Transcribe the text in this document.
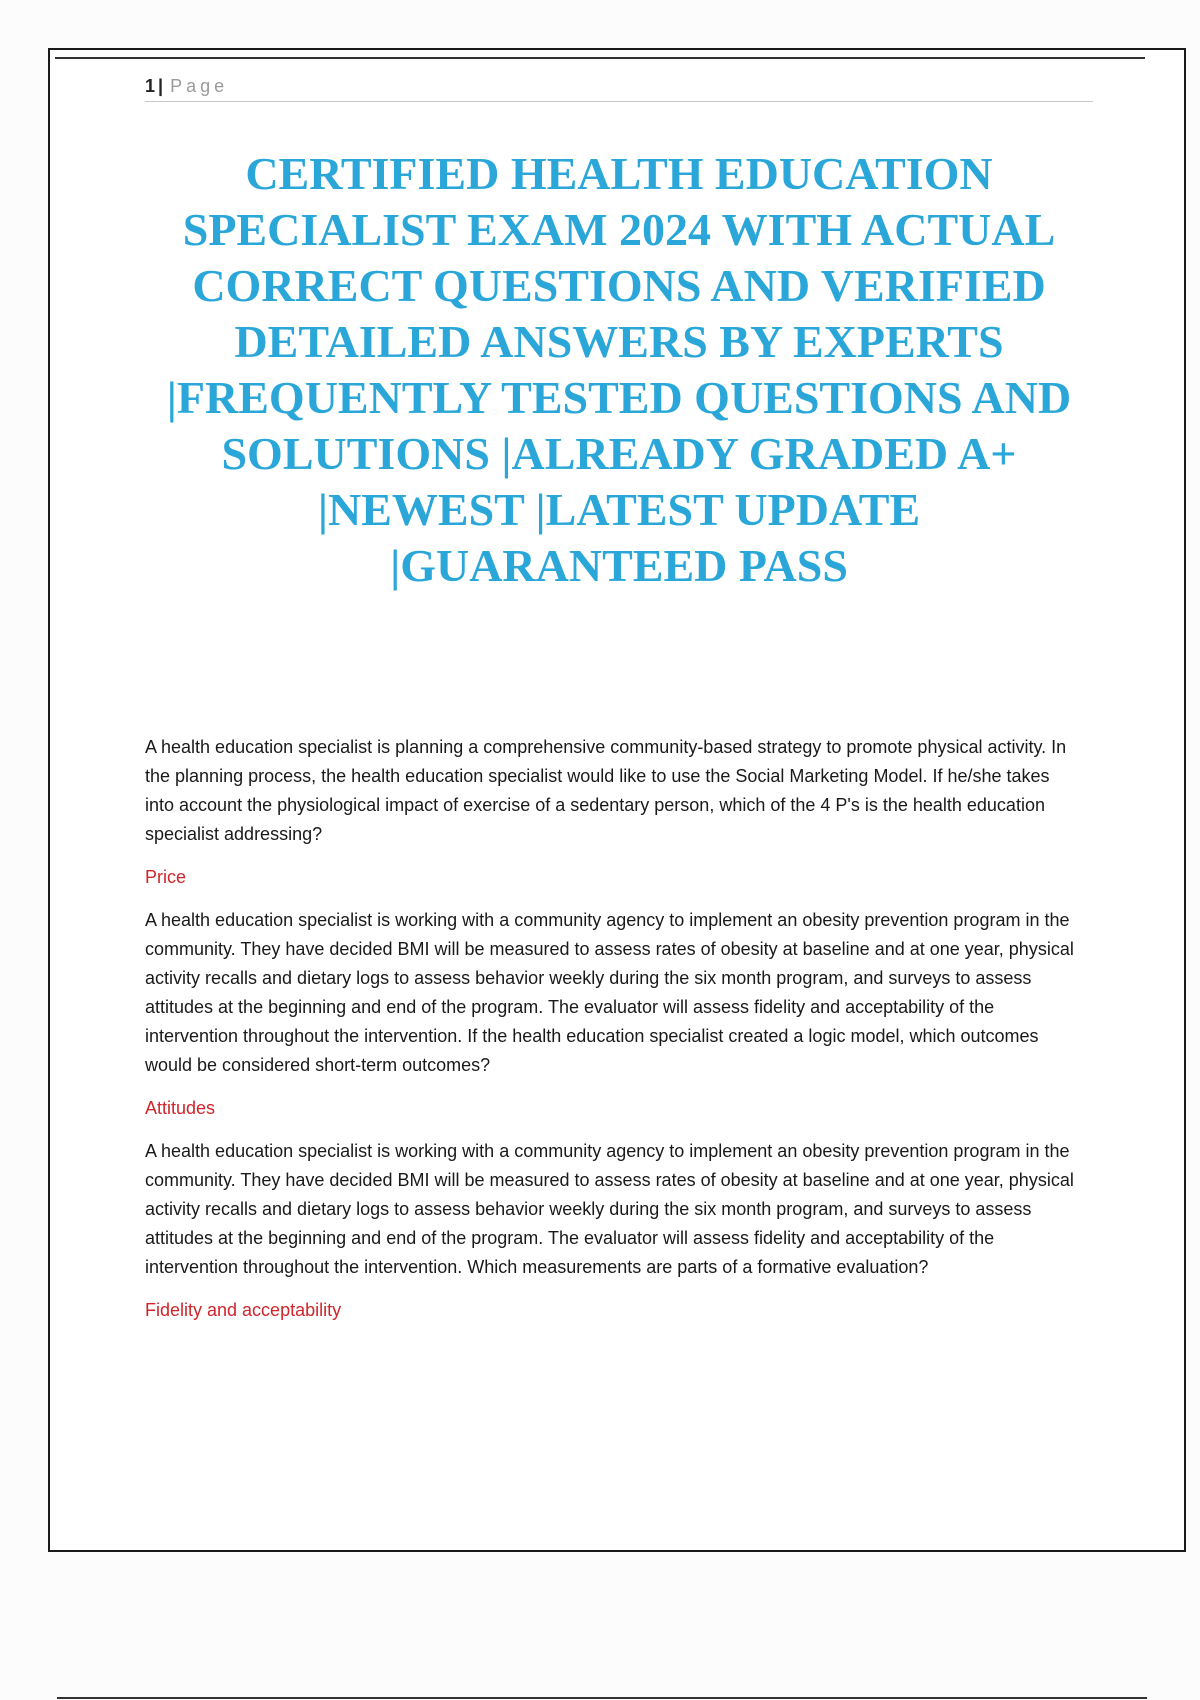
1 | Page
CERTIFIED HEALTH EDUCATION SPECIALIST EXAM 2024 WITH ACTUAL CORRECT QUESTIONS AND VERIFIED DETAILED ANSWERS BY EXPERTS |FREQUENTLY TESTED QUESTIONS AND SOLUTIONS |ALREADY GRADED A+ |NEWEST |LATEST UPDATE |GUARANTEED PASS

A health education specialist is planning a comprehensive community-based strategy to promote physical activity. In the planning process, the health education specialist would like to use the Social Marketing Model. If he/she takes into account the physiological impact of exercise of a sedentary person, which of the 4 P's is the health education specialist addressing?

Price

A health education specialist is working with a community agency to implement an obesity prevention program in the community. They have decided BMI will be measured to assess rates of obesity at baseline and at one year, physical activity recalls and dietary logs to assess behavior weekly during the six month program, and surveys to assess attitudes at the beginning and end of the program. The evaluator will assess fidelity and acceptability of the intervention throughout the intervention. If the health education specialist created a logic model, which outcomes would be considered short-term outcomes?

Attitudes

A health education specialist is working with a community agency to implement an obesity prevention program in the community. They have decided BMI will be measured to assess rates of obesity at baseline and at one year, physical activity recalls and dietary logs to assess behavior weekly during the six month program, and surveys to assess attitudes at the beginning and end of the program. The evaluator will assess fidelity and acceptability of the intervention throughout the intervention. Which measurements are parts of a formative evaluation?

Fidelity and acceptability
